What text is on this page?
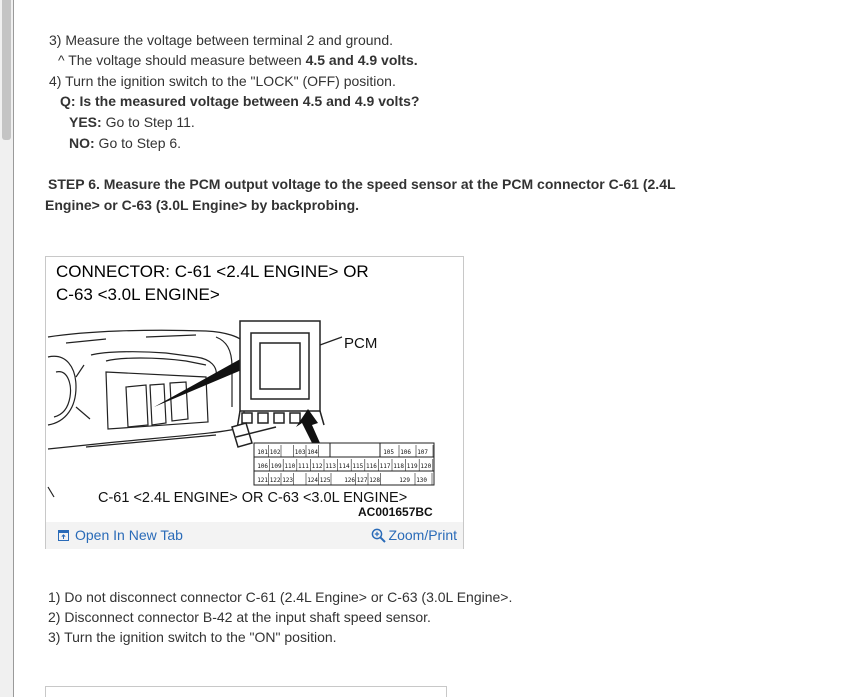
3) Measure the voltage between terminal 2 and ground.
^ The voltage should measure between 4.5 and 4.9 volts.
4) Turn the ignition switch to the "LOCK" (OFF) position.
Q: Is the measured voltage between 4.5 and 4.9 volts?
YES: Go to Step 11.
NO: Go to Step 6.
STEP 6. Measure the PCM output voltage to the speed sensor at the PCM connector C-61 (2.4L
Engine> or C-63 (3.0L Engine> by backprobing.
PCM
101 102 103 104	105 106 107
106 109 110 111 112 113 114 115 116 117 118 119 120
121 122 123 124 125 126 127 128	129 130
C-61 <2.4L ENGINE> OR C-63 <3.0L ENGINE>
AC001657BC
CONNECTOR: C-61 <2.4L ENGINE> OR
C-63 <3.0L ENGINE>
Open In New Tab	Zoom/Print
1) Do not disconnect connector C-61 (2.4L Engine> or C-63 (3.0L Engine>.
2) Disconnect connector B-42 at the input shaft speed sensor.
3) Turn the ignition switch to the "ON" position.
